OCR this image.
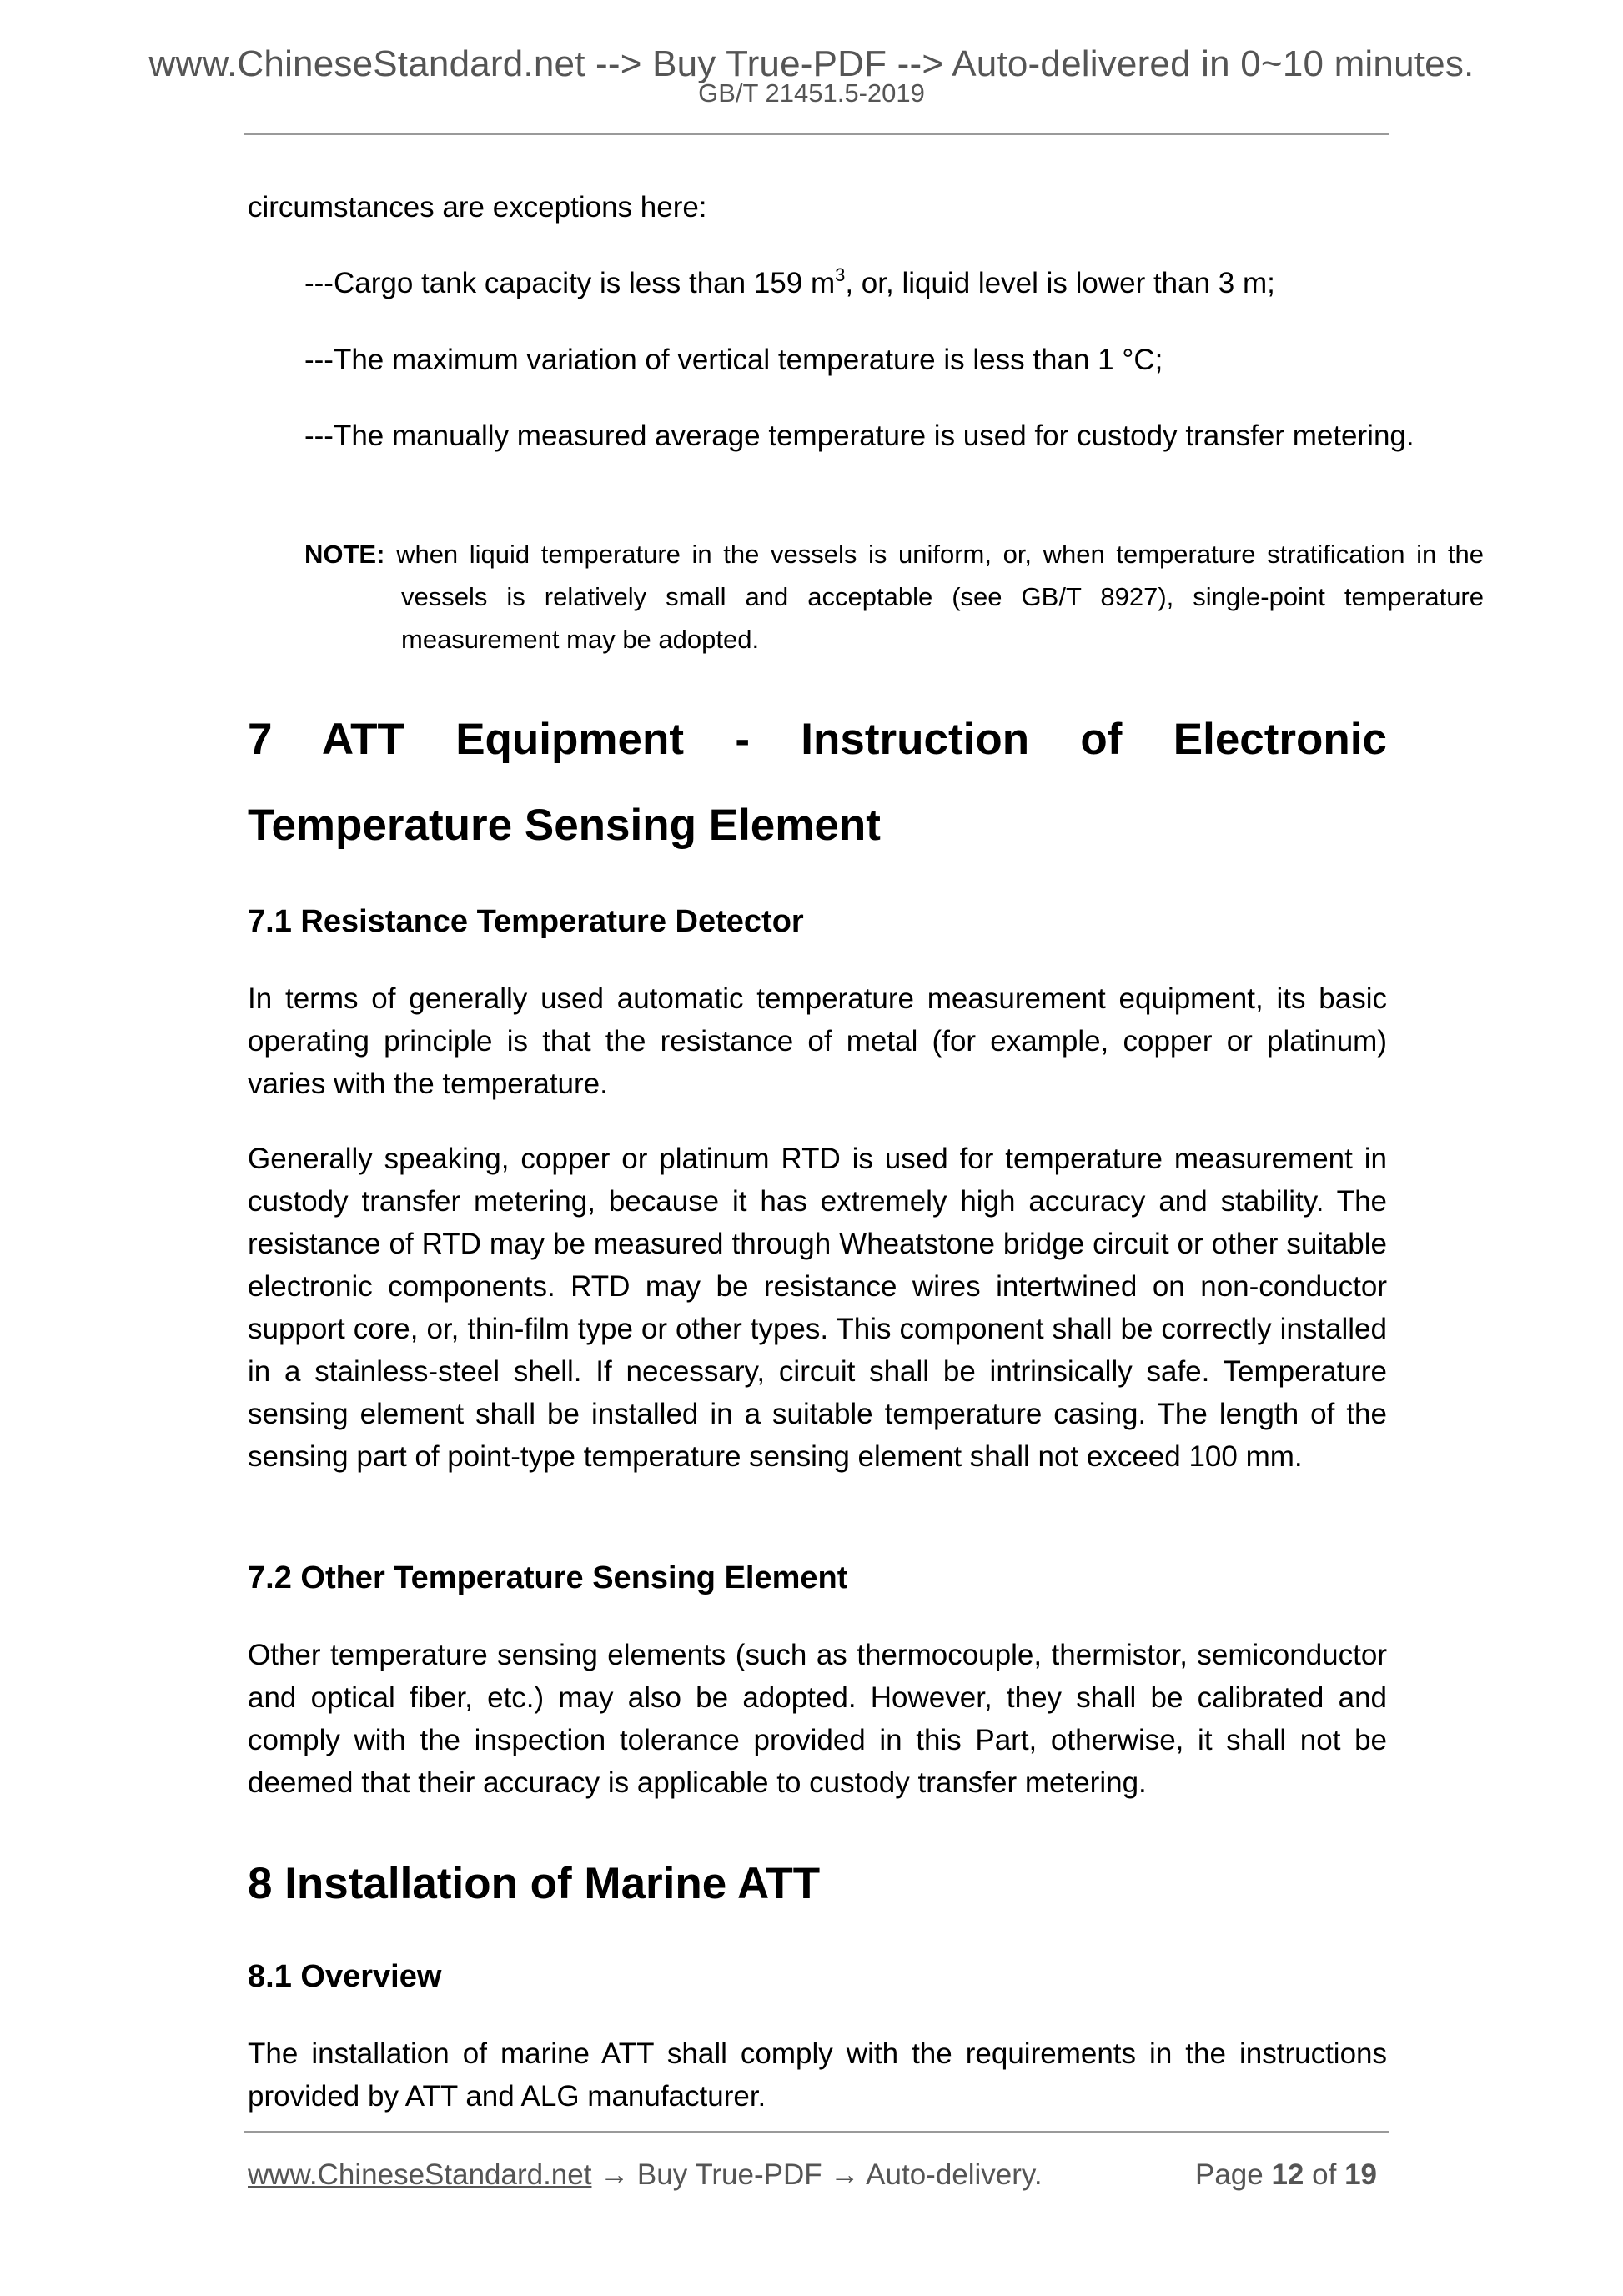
www.ChineseStandard.net --> Buy True-PDF --> Auto-delivered in 0~10 minutes.
GB/T 21451.5-2019
circumstances are exceptions here:
---Cargo tank capacity is less than 159 $m^3$, or, liquid level is lower than 3 m;
---The maximum variation of vertical temperature is less than 1 °C;
---The manually measured average temperature is used for custody transfer metering.
NOTE: when liquid temperature in the vessels is uniform, or, when temperature stratification in the vessels is relatively small and acceptable (see GB/T 8927), single-point temperature measurement may be adopted.
7 ATT Equipment - Instruction of Electronic Temperature Sensing Element
7.1 Resistance Temperature Detector
In terms of generally used automatic temperature measurement equipment, its basic operating principle is that the resistance of metal (for example, copper or platinum) varies with the temperature.
Generally speaking, copper or platinum RTD is used for temperature measurement in custody transfer metering, because it has extremely high accuracy and stability. The resistance of RTD may be measured through Wheatstone bridge circuit or other suitable electronic components. RTD may be resistance wires intertwined on non-conductor support core, or, thin-film type or other types. This component shall be correctly installed in a stainless-steel shell. If necessary, circuit shall be intrinsically safe. Temperature sensing element shall be installed in a suitable temperature casing. The length of the sensing part of point-type temperature sensing element shall not exceed 100 mm.
7.2 Other Temperature Sensing Element
Other temperature sensing elements (such as thermocouple, thermistor, semiconductor and optical fiber, etc.) may also be adopted. However, they shall be calibrated and comply with the inspection tolerance provided in this Part, otherwise, it shall not be deemed that their accuracy is applicable to custody transfer metering.
8 Installation of Marine ATT
8.1 Overview
The installation of marine ATT shall comply with the requirements in the instructions provided by ATT and ALG manufacturer.
www.ChineseStandard.net → Buy True-PDF → Auto-delivery.	Page 12 of 19
